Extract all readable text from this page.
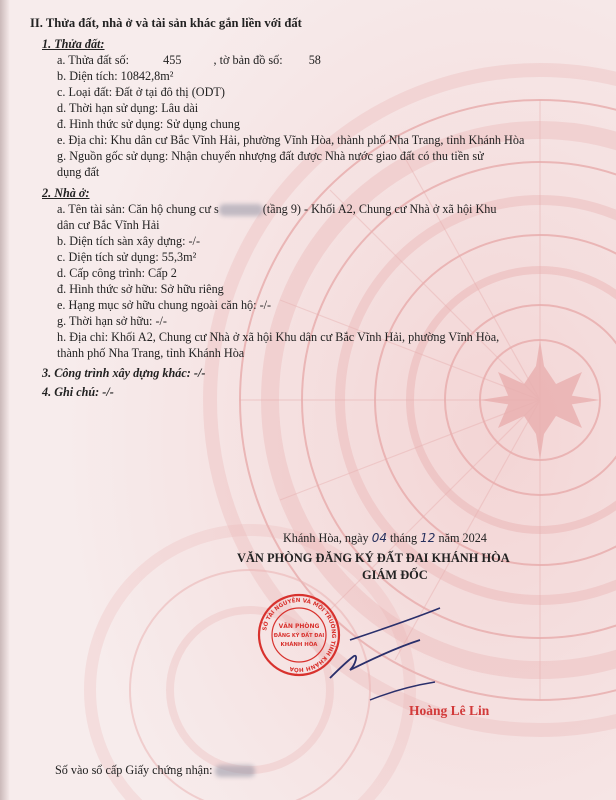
II. Thửa đất, nhà ở và tài sản khác gắn liền với đất
1. Thửa đất:
a. Thửa đất số:	455	, tờ bản đồ số: 58
b. Diện tích: 10842,8m²
c. Loại đất: Đất ở tại đô thị (ODT)
d. Thời hạn sử dụng: Lâu dài
đ. Hình thức sử dụng: Sử dụng chung
e. Địa chỉ: Khu dân cư Bắc Vĩnh Hải, phường Vĩnh Hòa, thành phố Nha Trang, tỉnh Khánh Hòa
g. Nguồn gốc sử dụng: Nhận chuyển nhượng đất được Nhà nước giao đất có thu tiền sử
dụng đất
2. Nhà ở:
a. Tên tài sản: Căn hộ chung cư s	(tầng 9) - Khối A2, Chung cư Nhà ở xã hội Khu
dân cư Bắc Vĩnh Hải
b. Diện tích sàn xây dựng: -/-
c. Diện tích sử dụng: 55,3m²
d. Cấp công trình: Cấp 2
đ. Hình thức sở hữu: Sở hữu riêng
e. Hạng mục sở hữu chung ngoài căn hộ: -/-
g. Thời hạn sở hữu: -/-
h. Địa chỉ: Khối A2, Chung cư Nhà ở xã hội Khu dân cư Bắc Vĩnh Hải, phường Vĩnh Hòa,
thành phố Nha Trang, tỉnh Khánh Hòa
3. Công trình xây dựng khác: -/-
4. Ghi chú: -/-
Khánh Hòa, ngày 04 tháng 12 năm 2024
VĂN PHÒNG ĐĂNG KÝ ĐẤT ĐAI KHÁNH HÒA
GIÁM ĐỐC
SỞ TÀI NGUYÊN VÀ MÔI TRƯỜNG TỈNH KHÁNH HÒA
VĂN PHÒNG
ĐĂNG KÝ ĐẤT ĐAI
KHÁNH HÒA
Hoàng Lê Lin
Số vào sổ cấp Giấy chứng nhận:
